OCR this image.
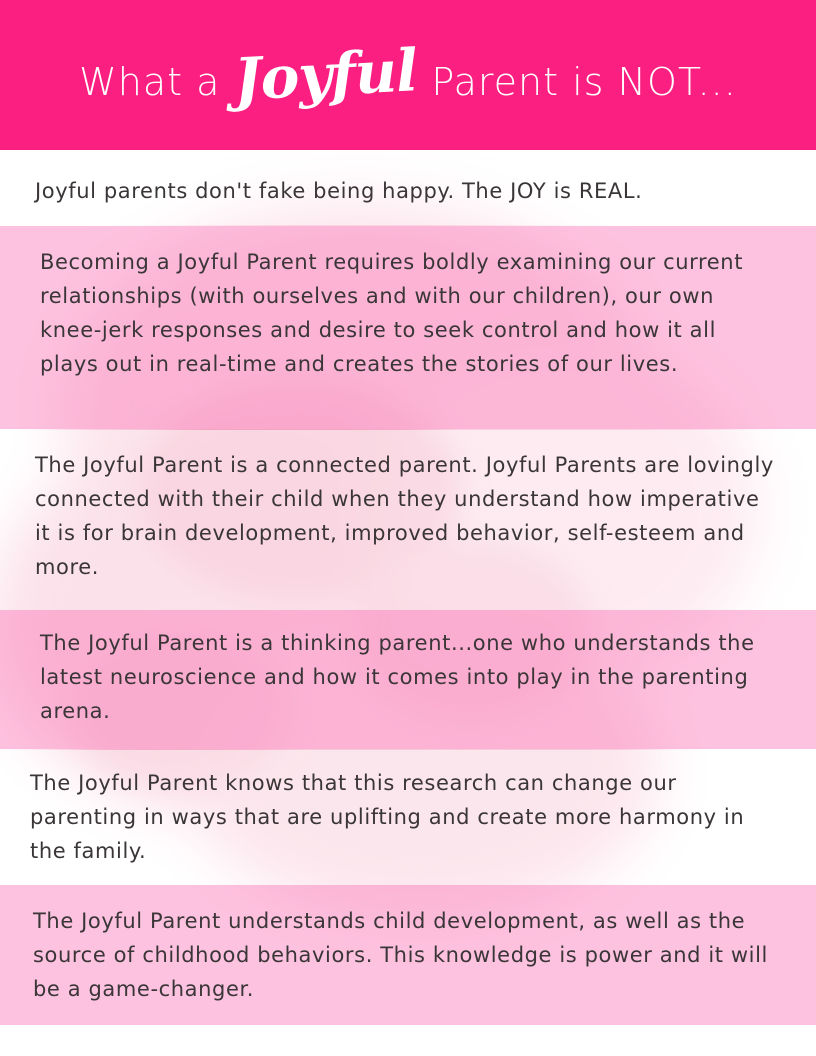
What a Joyful Parent is NOT...

Joyful parents don't fake being happy. The JOY is REAL.

Becoming a Joyful Parent requires boldly examining our current relationships (with ourselves and with our children), our own knee-jerk responses and desire to seek control and how it all plays out in real-time and creates the stories of our lives.

The Joyful Parent is a connected parent. Joyful Parents are lovingly connected with their child when they understand how imperative it is for brain development, improved behavior, self-esteem and more.

The Joyful Parent is a thinking parent...one who understands the latest neuroscience and how it comes into play in the parenting arena.

The Joyful Parent knows that this research can change our parenting in ways that are uplifting and create more harmony in the family.

The Joyful Parent understands child development, as well as the source of childhood behaviors. This knowledge is power and it will be a game-changer.
